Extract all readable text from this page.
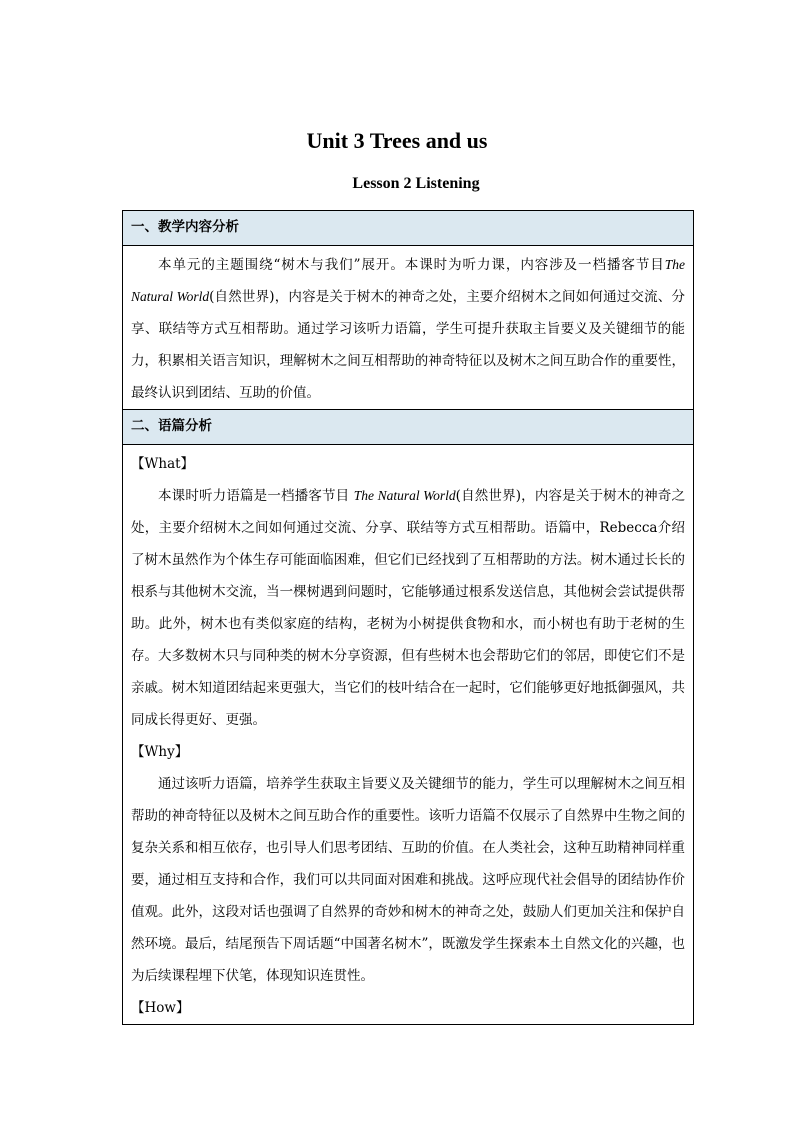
Unit 3 Trees and us
Lesson 2 Listening
一、教学内容分析

本单元的主题围绕“树木与我们”展开。本课时为听力课，内容涉及一档播客节目The Natural World(自然世界)，内容是关于树木的神奇之处，主要介绍树木之间如何通过交流、分享、联结等方式互相帮助。通过学习该听力语篇，学生可提升获取主旨要义及关键细节的能力，积累相关语言知识，理解树木之间互相帮助的神奇特征以及树木之间互助合作的重要性，最终认识到团结、互助的价值。

二、语篇分析

【What】

本课时听力语篇是一档播客节目 The Natural World(自然世界)，内容是关于树木的神奇之处，主要介绍树木之间如何通过交流、分享、联结等方式互相帮助。语篇中，Rebecca介绍了树木虽然作为个体生存可能面临困难，但它们已经找到了互相帮助的方法。树木通过长长的根系与其他树木交流，当一棵树遇到问题时，它能够通过根系发送信息，其他树会尝试提供帮助。此外，树木也有类似家庭的结构，老树为小树提供食物和水，而小树也有助于老树的生存。大多数树木只与同种类的树木分享资源，但有些树木也会帮助它们的邻居，即使它们不是亲戚。树木知道团结起来更强大，当它们的枝叶结合在一起时，它们能够更好地抵御强风，共同成长得更好、更强。

【Why】

通过该听力语篇，培养学生获取主旨要义及关键细节的能力，学生可以理解树木之间互相帮助的神奇特征以及树木之间互助合作的重要性。该听力语篇不仅展示了自然界中生物之间的复杂关系和相互依存，也引导人们思考团结、互助的价值。在人类社会，这种互助精神同样重要，通过相互支持和合作，我们可以共同面对困难和挑战。这呼应现代社会倡导的团结协作价值观。此外，这段对话也强调了自然界的奇妙和树木的神奇之处，鼓励人们更加关注和保护自然环境。最后，结尾预告下周话题“中国著名树木”，既激发学生探索本土自然文化的兴趣，也为后续课程埋下伏笔，体现知识连贯性。

【How】
